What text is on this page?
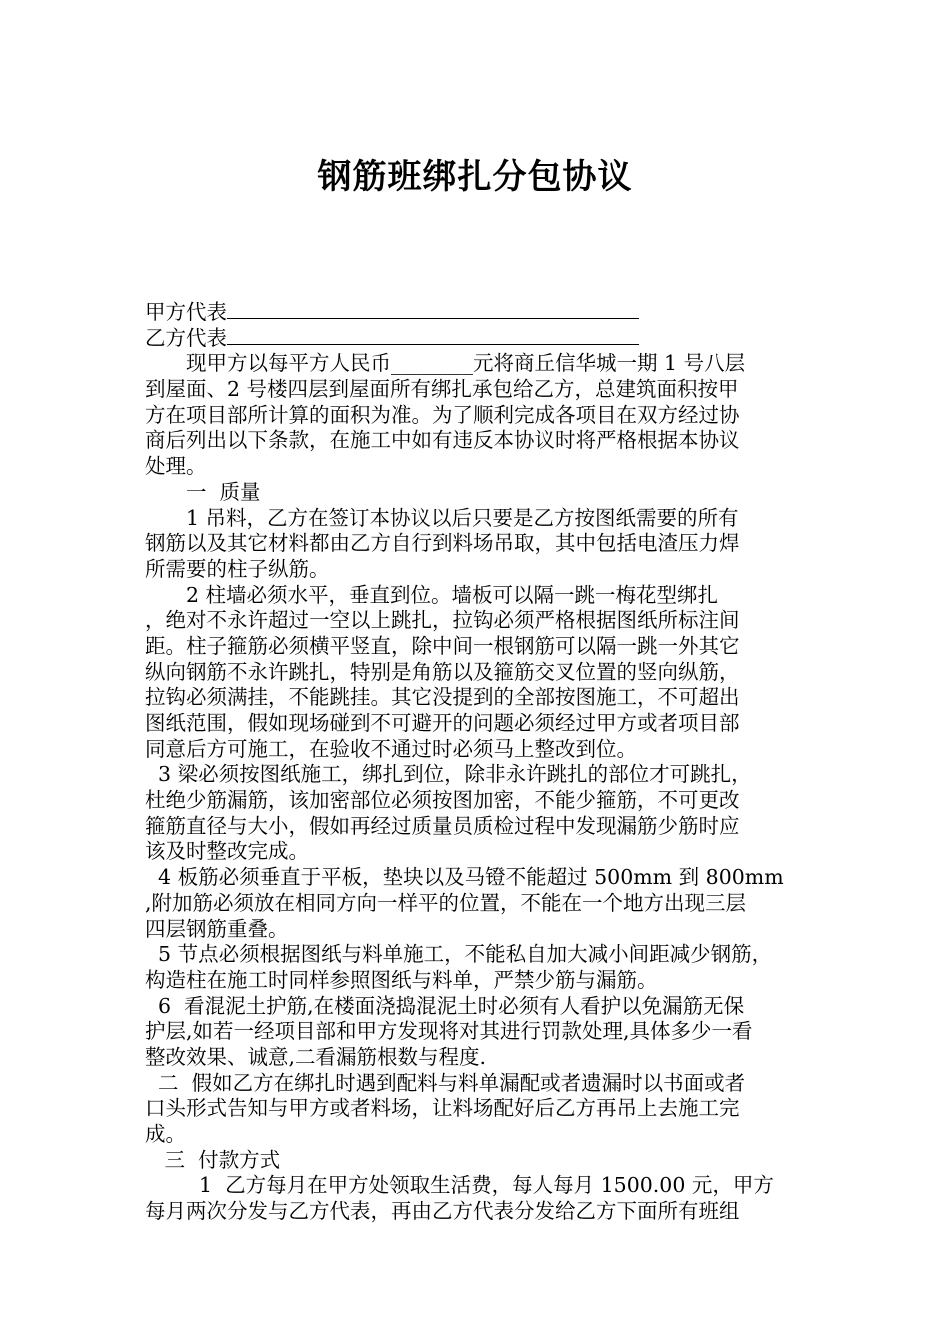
钢筋班绑扎分包协议
甲方代表
乙方代表
　　现甲方以每平方人民币________元将商丘信华城一期 1 号八层
到屋面、2 号楼四层到屋面所有绑扎承包给乙方，总建筑面积按甲
方在项目部所计算的面积为准。为了顺利完成各项目在双方经过协
商后列出以下条款，在施工中如有违反本协议时将严格根据本协议
处理。
　　一  质量
　　1 吊料，乙方在签订本协议以后只要是乙方按图纸需要的所有
钢筋以及其它材料都由乙方自行到料场吊取，其中包括电渣压力焊
所需要的柱子纵筋。
　　2 柱墙必须水平，垂直到位。墙板可以隔一跳一梅花型绑扎
，绝对不永许超过一空以上跳扎，拉钩必须严格根据图纸所标注间
距。柱子箍筋必须横平竖直，除中间一根钢筋可以隔一跳一外其它
纵向钢筋不永许跳扎，特别是角筋以及箍筋交叉位置的竖向纵筋，
拉钩必须满挂，不能跳挂。其它没提到的全部按图施工，不可超出
图纸范围，假如现场碰到不可避开的问题必须经过甲方或者项目部
同意后方可施工，在验收不通过时必须马上整改到位。
3 梁必须按图纸施工，绑扎到位，除非永许跳扎的部位才可跳扎，
杜绝少筋漏筋，该加密部位必须按图加密，不能少箍筋，不可更改
箍筋直径与大小，假如再经过质量员质检过程中发现漏筋少筋时应
该及时整改完成。
4 板筋必须垂直于平板，垫块以及马镫不能超过 500mm 到 800mm
,附加筋必须放在相同方向一样平的位置，不能在一个地方出现三层
四层钢筋重叠。
5 节点必须根据图纸与料单施工，不能私自加大减小间距减少钢筋，
构造柱在施工时同样参照图纸与料单，严禁少筋与漏筋。
6  看混泥土护筋,在楼面浇捣混泥土时必须有人看护以免漏筋无保
护层,如若一经项目部和甲方发现将对其进行罚款处理,具体多少一看
整改效果、诚意,二看漏筋根数与程度.
二  假如乙方在绑扎时遇到配料与料单漏配或者遗漏时以书面或者
口头形式告知与甲方或者料场，让料场配好后乙方再吊上去施工完
成。
三  付款方式
　　  1  乙方每月在甲方处领取生活费，每人每月 1500.00 元，甲方
每月两次分发与乙方代表，再由乙方代表分发给乙方下面所有班组
